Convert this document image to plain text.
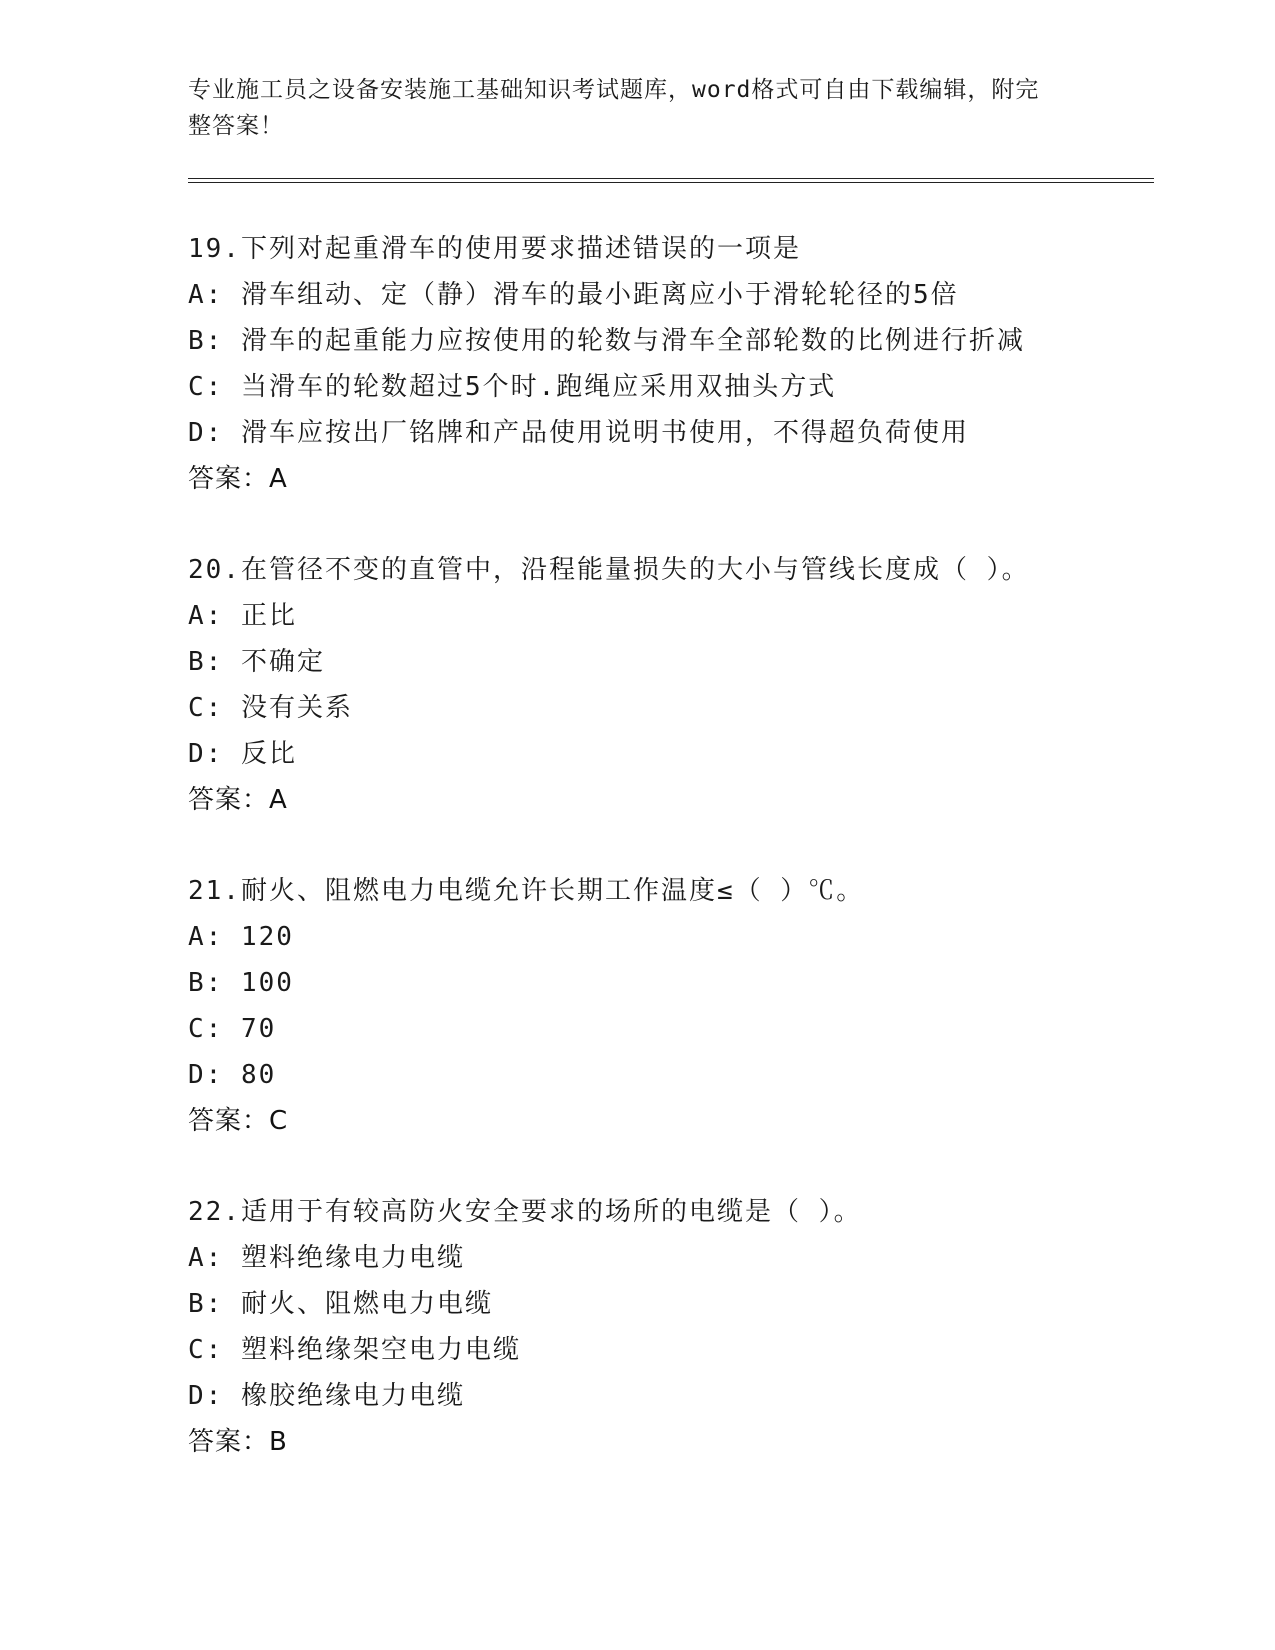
专业施工员之设备安装施工基础知识考试题库，word格式可自由下载编辑，附完
整答案！
19.下列对起重滑车的使用要求描述错误的一项是
A: 滑车组动、定（静）滑车的最小距离应小于滑轮轮径的5倍
B: 滑车的起重能力应按使用的轮数与滑车全部轮数的比例进行折减
C: 当滑车的轮数超过5个时.跑绳应采用双抽头方式
D: 滑车应按出厂铭牌和产品使用说明书使用，不得超负荷使用
答案：A
20.在管径不变的直管中，沿程能量损失的大小与管线长度成（ ）。
A: 正比
B: 不确定
C: 没有关系
D: 反比
答案：A
21.耐火、阻燃电力电缆允许长期工作温度≤（ ）℃。
A: 120
B: 100
C: 70
D: 80
答案：C
22.适用于有较高防火安全要求的场所的电缆是（ ）。
A: 塑料绝缘电力电缆
B: 耐火、阻燃电力电缆
C: 塑料绝缘架空电力电缆
D: 橡胶绝缘电力电缆
答案：B
